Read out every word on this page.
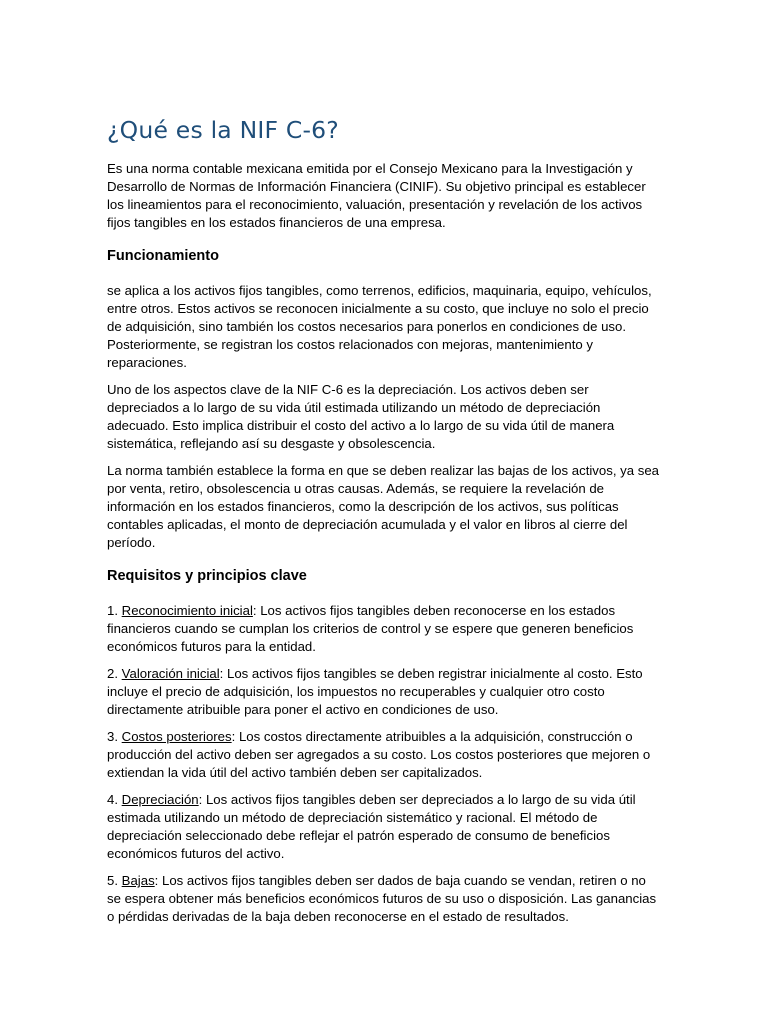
¿Qué es la NIF C-6?

Es una norma contable mexicana emitida por el Consejo Mexicano para la Investigación y Desarrollo de Normas de Información Financiera (CINIF). Su objetivo principal es establecer los lineamientos para el reconocimiento, valuación, presentación y revelación de los activos fijos tangibles en los estados financieros de una empresa.

Funcionamiento

se aplica a los activos fijos tangibles, como terrenos, edificios, maquinaria, equipo, vehículos, entre otros. Estos activos se reconocen inicialmente a su costo, que incluye no solo el precio de adquisición, sino también los costos necesarios para ponerlos en condiciones de uso. Posteriormente, se registran los costos relacionados con mejoras, mantenimiento y reparaciones.

Uno de los aspectos clave de la NIF C-6 es la depreciación. Los activos deben ser depreciados a lo largo de su vida útil estimada utilizando un método de depreciación adecuado. Esto implica distribuir el costo del activo a lo largo de su vida útil de manera sistemática, reflejando así su desgaste y obsolescencia.

La norma también establece la forma en que se deben realizar las bajas de los activos, ya sea por venta, retiro, obsolescencia u otras causas. Además, se requiere la revelación de información en los estados financieros, como la descripción de los activos, sus políticas contables aplicadas, el monto de depreciación acumulada y el valor en libros al cierre del período.

Requisitos y principios clave

1. Reconocimiento inicial: Los activos fijos tangibles deben reconocerse en los estados financieros cuando se cumplan los criterios de control y se espere que generen beneficios económicos futuros para la entidad.

2. Valoración inicial: Los activos fijos tangibles se deben registrar inicialmente al costo. Esto incluye el precio de adquisición, los impuestos no recuperables y cualquier otro costo directamente atribuible para poner el activo en condiciones de uso.

3. Costos posteriores: Los costos directamente atribuibles a la adquisición, construcción o producción del activo deben ser agregados a su costo. Los costos posteriores que mejoren o extiendan la vida útil del activo también deben ser capitalizados.

4. Depreciación: Los activos fijos tangibles deben ser depreciados a lo largo de su vida útil estimada utilizando un método de depreciación sistemático y racional. El método de depreciación seleccionado debe reflejar el patrón esperado de consumo de beneficios económicos futuros del activo.

5. Bajas: Los activos fijos tangibles deben ser dados de baja cuando se vendan, retiren o no se espera obtener más beneficios económicos futuros de su uso o disposición. Las ganancias o pérdidas derivadas de la baja deben reconocerse en el estado de resultados.
